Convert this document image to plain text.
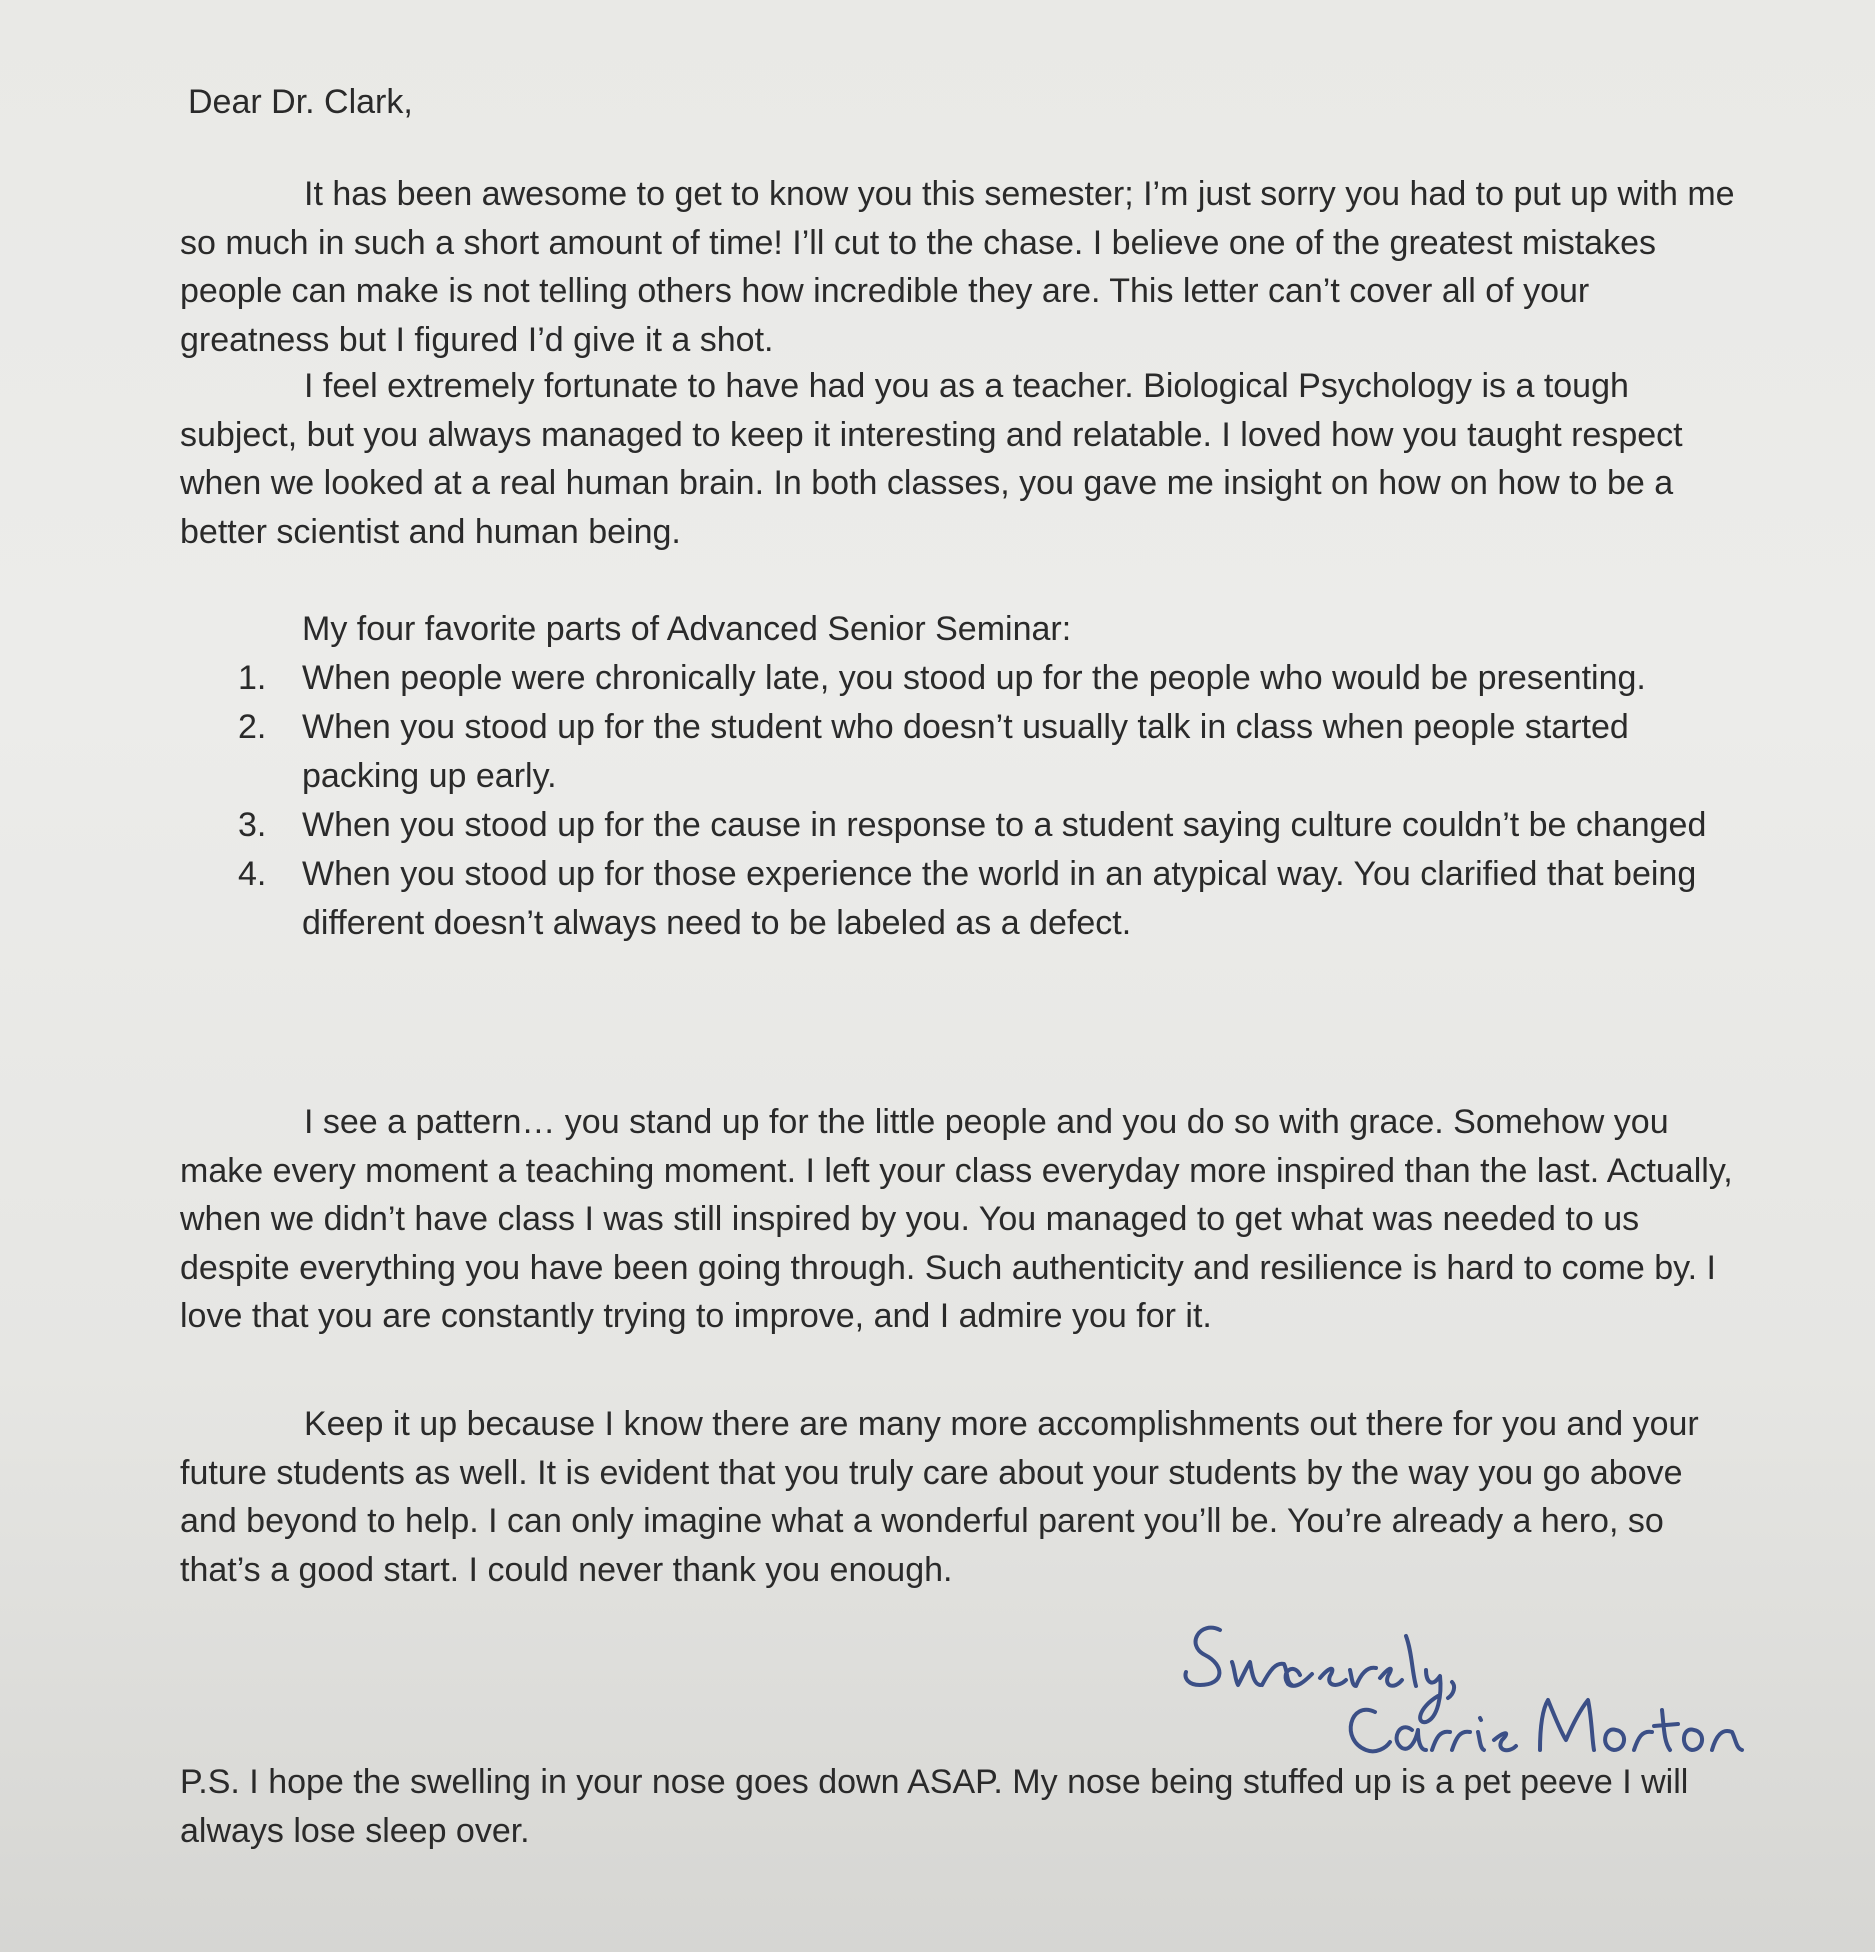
Dear Dr. Clark,

It has been awesome to get to know you this semester; I’m just sorry you had to put up with me so much in such a short amount of time! I’ll cut to the chase. I believe one of the greatest mistakes people can make is not telling others how incredible they are. This letter can’t cover all of your greatness but I figured I’d give it a shot.

I feel extremely fortunate to have had you as a teacher. Biological Psychology is a tough subject, but you always managed to keep it interesting and relatable. I loved how you taught respect when we looked at a real human brain. In both classes, you gave me insight on how on how to be a better scientist and human being.

My four favorite parts of Advanced Senior Seminar:

1. When people were chronically late, you stood up for the people who would be presenting.
2. When you stood up for the student who doesn’t usually talk in class when people started packing up early.
3. When you stood up for the cause in response to a student saying culture couldn’t be changed
4. When you stood up for those experience the world in an atypical way. You clarified that being different doesn’t always need to be labeled as a defect.

I see a pattern… you stand up for the little people and you do so with grace. Somehow you make every moment a teaching moment. I left your class everyday more inspired than the last. Actually, when we didn’t have class I was still inspired by you. You managed to get what was needed to us despite everything you have been going through. Such authenticity and resilience is hard to come by. I love that you are constantly trying to improve, and I admire you for it.

Keep it up because I know there are many more accomplishments out there for you and your future students as well. It is evident that you truly care about your students by the way you go above and beyond to help. I can only imagine what a wonderful parent you’ll be. You’re already a hero, so that’s a good start. I could never thank you enough.

P.S. I hope the swelling in your nose goes down ASAP. My nose being stuffed up is a pet peeve I will always lose sleep over.
